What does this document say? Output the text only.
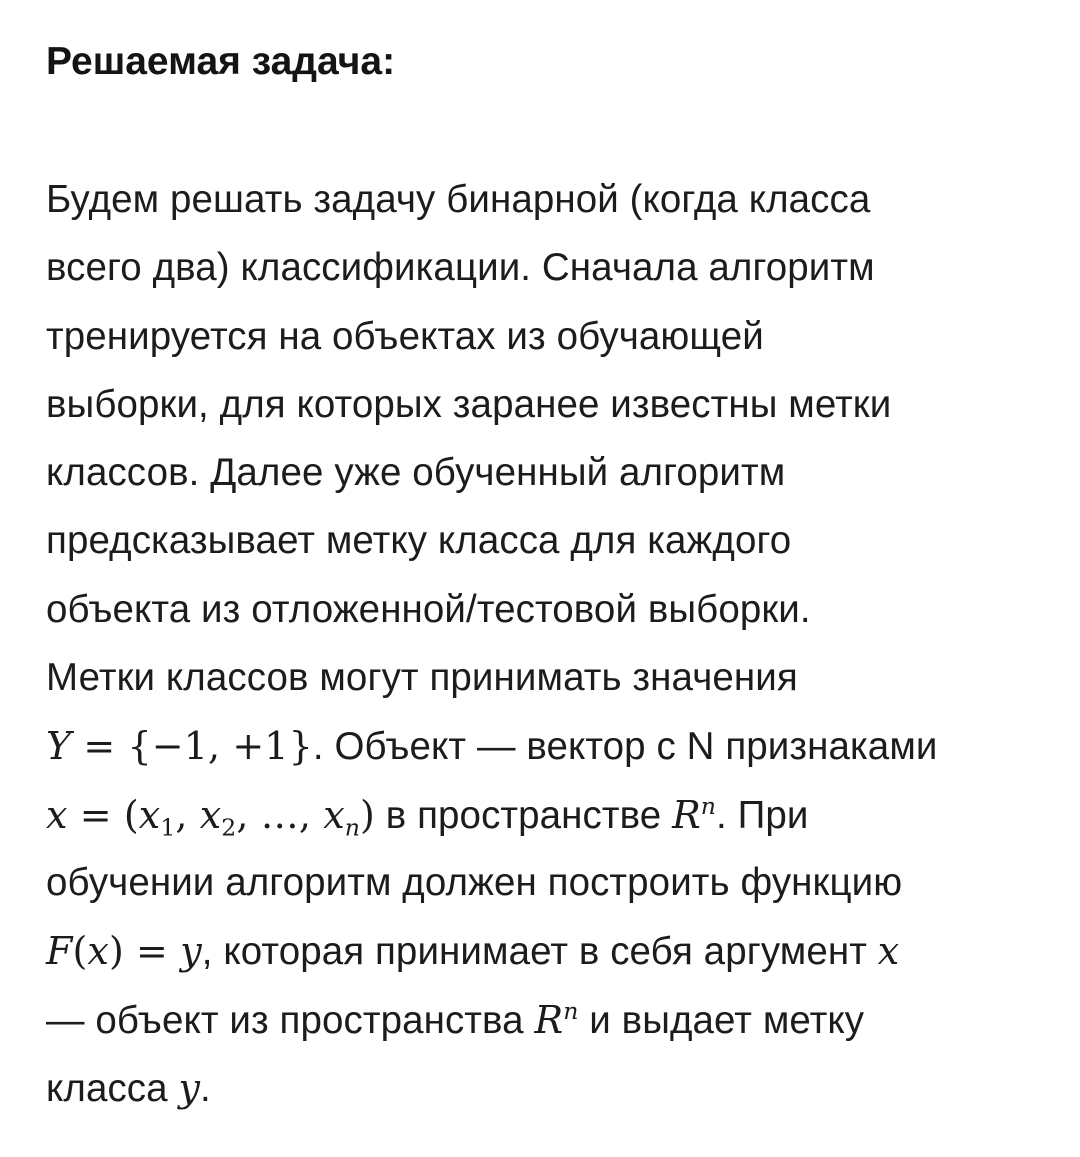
Решаемая задача:

Будем решать задачу бинарной (когда класса
всего два) классификации. Сначала алгоритм
тренируется на объектах из обучающей
выборки, для которых заранее известны метки
классов. Далее уже обученный алгоритм
предсказывает метку класса для каждого
объекта из отложенной/тестовой выборки.
Метки классов могут принимать значения
Y = {−1, +1}. Объект — вектор с N признаками
$x = (x_1$, $x_2$, …, $x_n$) в пространстве $R^n$. При
обучении алгоритм должен построить функцию
F(x) = y, которая принимает в себя аргумент x
— объект из пространства $R^n$ и выдает метку
класса y.
